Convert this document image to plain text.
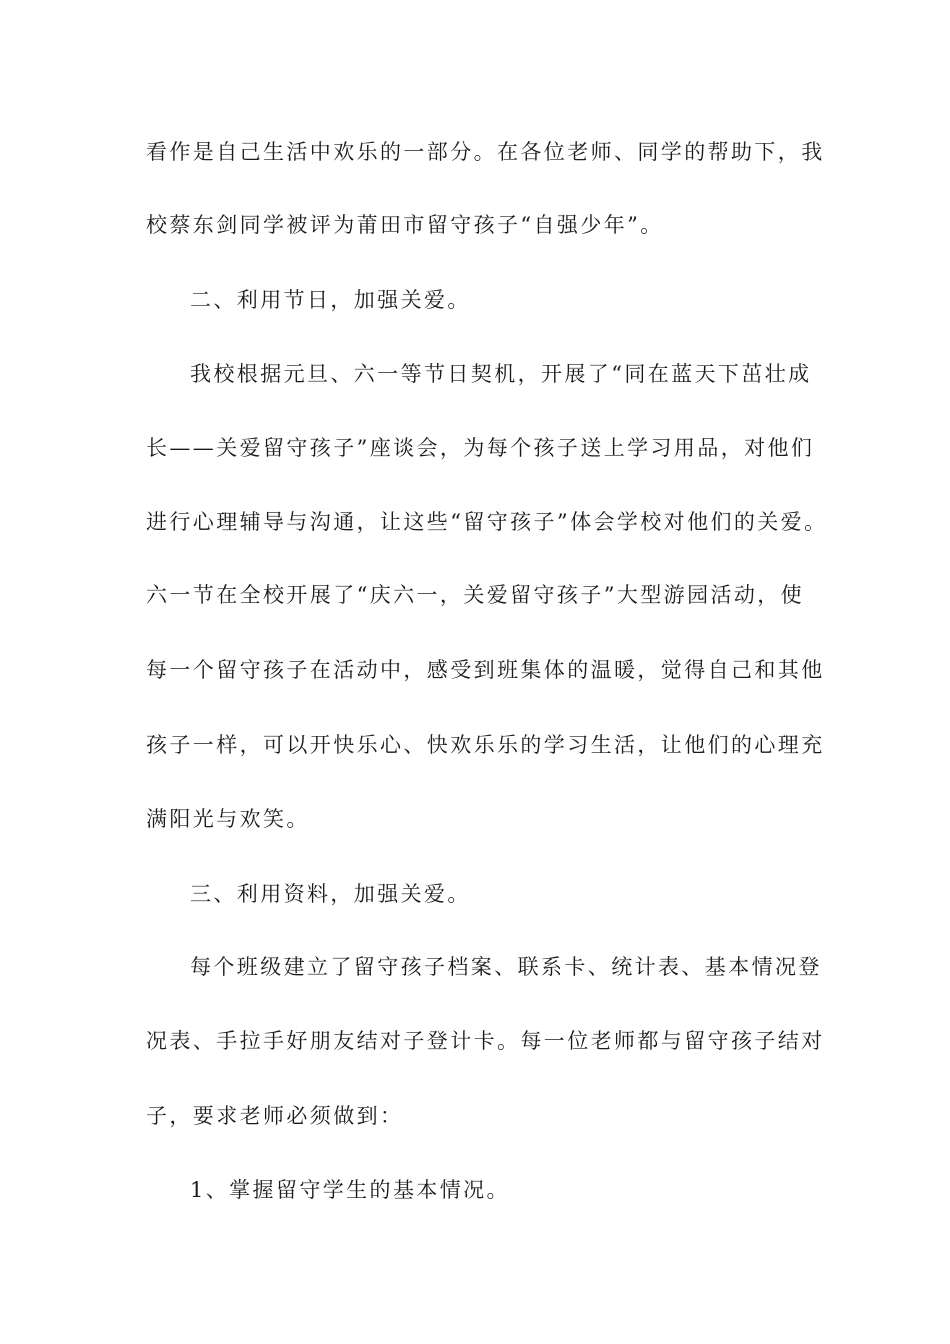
看作是自己生活中欢乐的一部分。在各位老师、同学的帮助下，我
校蔡东剑同学被评为莆田市留守孩子“自强少年”。
二、利用节日，加强关爱。
我校根据元旦、六一等节日契机，开展了“同在蓝天下茁壮成
长——关爱留守孩子”座谈会，为每个孩子送上学习用品，对他们
进行心理辅导与沟通，让这些“留守孩子”体会学校对他们的关爱。
六一节在全校开展了“庆六一，关爱留守孩子”大型游园活动，使
每一个留守孩子在活动中，感受到班集体的温暖，觉得自己和其他
孩子一样，可以开快乐心、快欢乐乐的学习生活，让他们的心理充
满阳光与欢笑。
三、利用资料，加强关爱。
每个班级建立了留守孩子档案、联系卡、统计表、基本情况登
况表、手拉手好朋友结对子登计卡。每一位老师都与留守孩子结对
子，要求老师必须做到：
1、掌握留守学生的基本情况。
